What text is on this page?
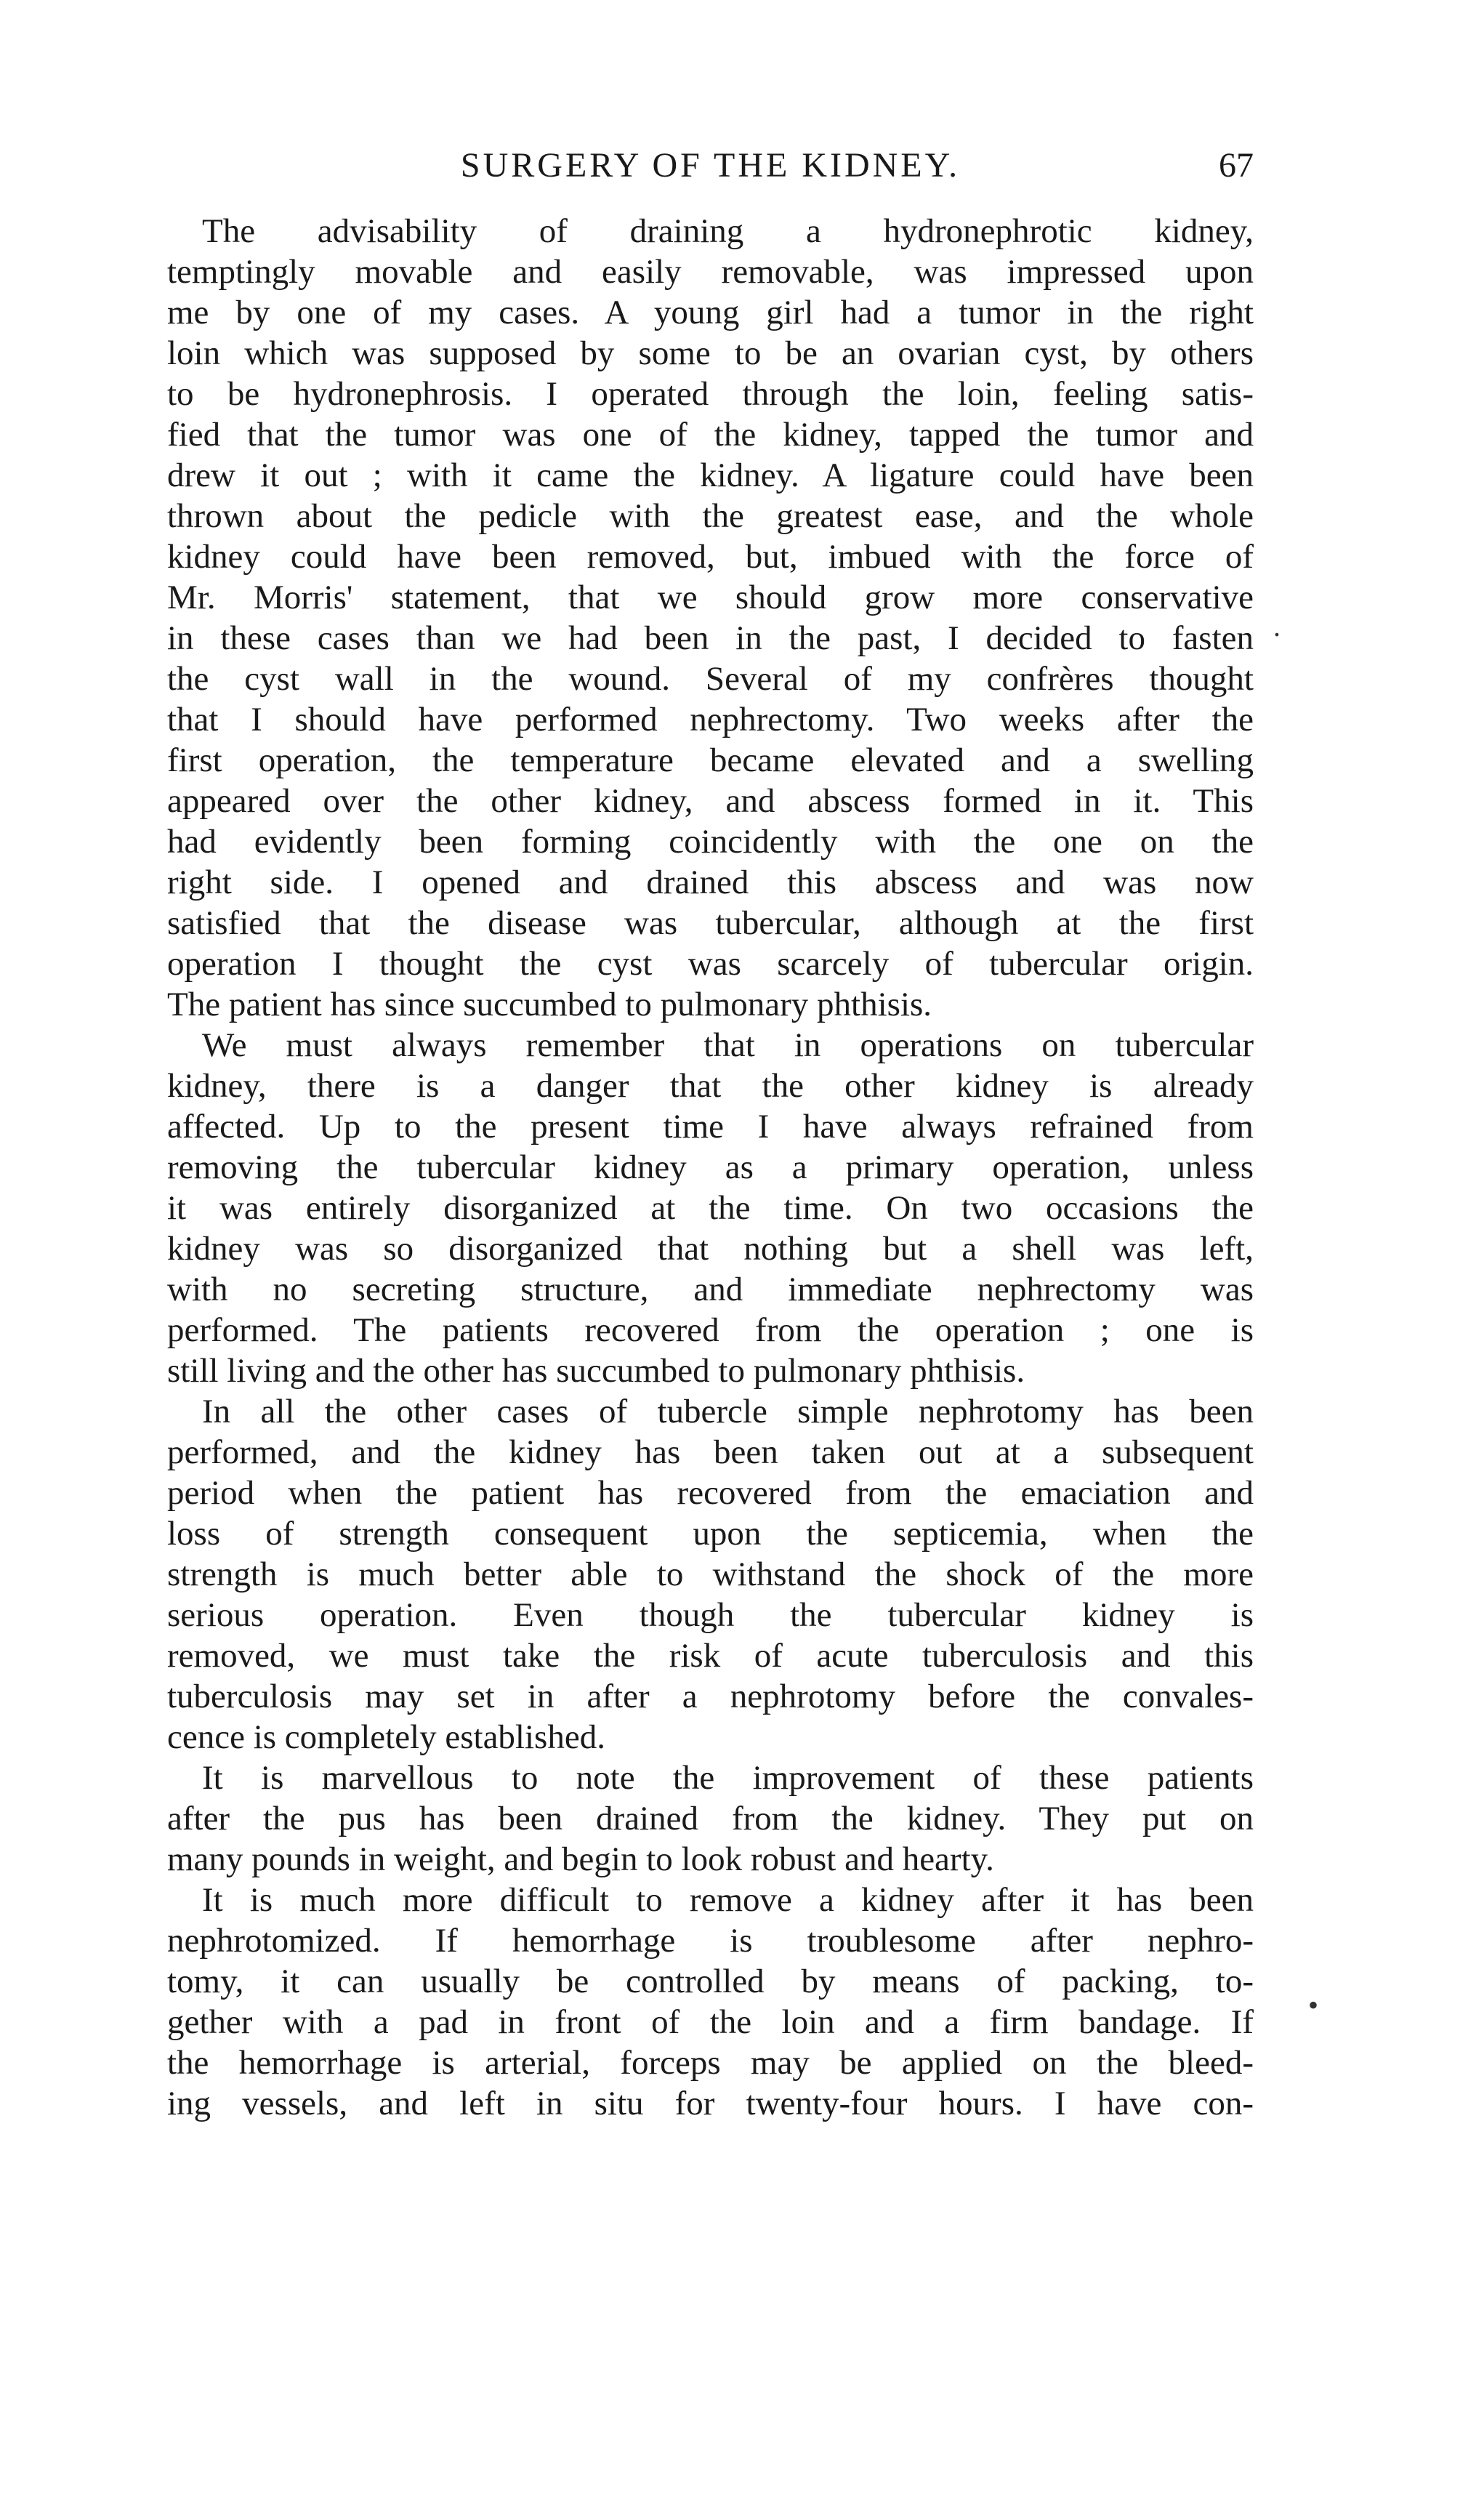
SURGERY OF THE KIDNEY.	67
The advisability of draining a hydronephrotic kidney,
temptingly movable and easily removable, was impressed upon
me by one of my cases. A young girl had a tumor in the right
loin which was supposed by some to be an ovarian cyst, by others
to be hydronephrosis. I operated through the loin, feeling satis-
fied that the tumor was one of the kidney, tapped the tumor and
drew it out ; with it came the kidney. A ligature could have been
thrown about the pedicle with the greatest ease, and the whole
kidney could have been removed, but, imbued with the force of
Mr. Morris' statement, that we should grow more conservative
in these cases than we had been in the past, I decided to fasten
the cyst wall in the wound. Several of my confrères thought
that I should have performed nephrectomy. Two weeks after the
first operation, the temperature became elevated and a swelling
appeared over the other kidney, and abscess formed in it. This
had evidently been forming coincidently with the one on the
right side. I opened and drained this abscess and was now
satisfied that the disease was tubercular, although at the first
operation I thought the cyst was scarcely of tubercular origin.
The patient has since succumbed to pulmonary phthisis.
We must always remember that in operations on tubercular
kidney, there is a danger that the other kidney is already
affected. Up to the present time I have always refrained from
removing the tubercular kidney as a primary operation, unless
it was entirely disorganized at the time. On two occasions the
kidney was so disorganized that nothing but a shell was left,
with no secreting structure, and immediate nephrectomy was
performed. The patients recovered from the operation ; one is
still living and the other has succumbed to pulmonary phthisis.
In all the other cases of tubercle simple nephrotomy has been
performed, and the kidney has been taken out at a subsequent
period when the patient has recovered from the emaciation and
loss of strength consequent upon the septicemia, when the
strength is much better able to withstand the shock of the more
serious operation. Even though the tubercular kidney is
removed, we must take the risk of acute tuberculosis and this
tuberculosis may set in after a nephrotomy before the convales-
cence is completely established.
It is marvellous to note the improvement of these patients
after the pus has been drained from the kidney. They put on
many pounds in weight, and begin to look robust and hearty.
It is much more difficult to remove a kidney after it has been
nephrotomized. If hemorrhage is troublesome after nephro-
tomy, it can usually be controlled by means of packing, to-
gether with a pad in front of the loin and a firm bandage. If
the hemorrhage is arterial, forceps may be applied on the bleed-
ing vessels, and left in situ for twenty-four hours. I have con-
.
•
